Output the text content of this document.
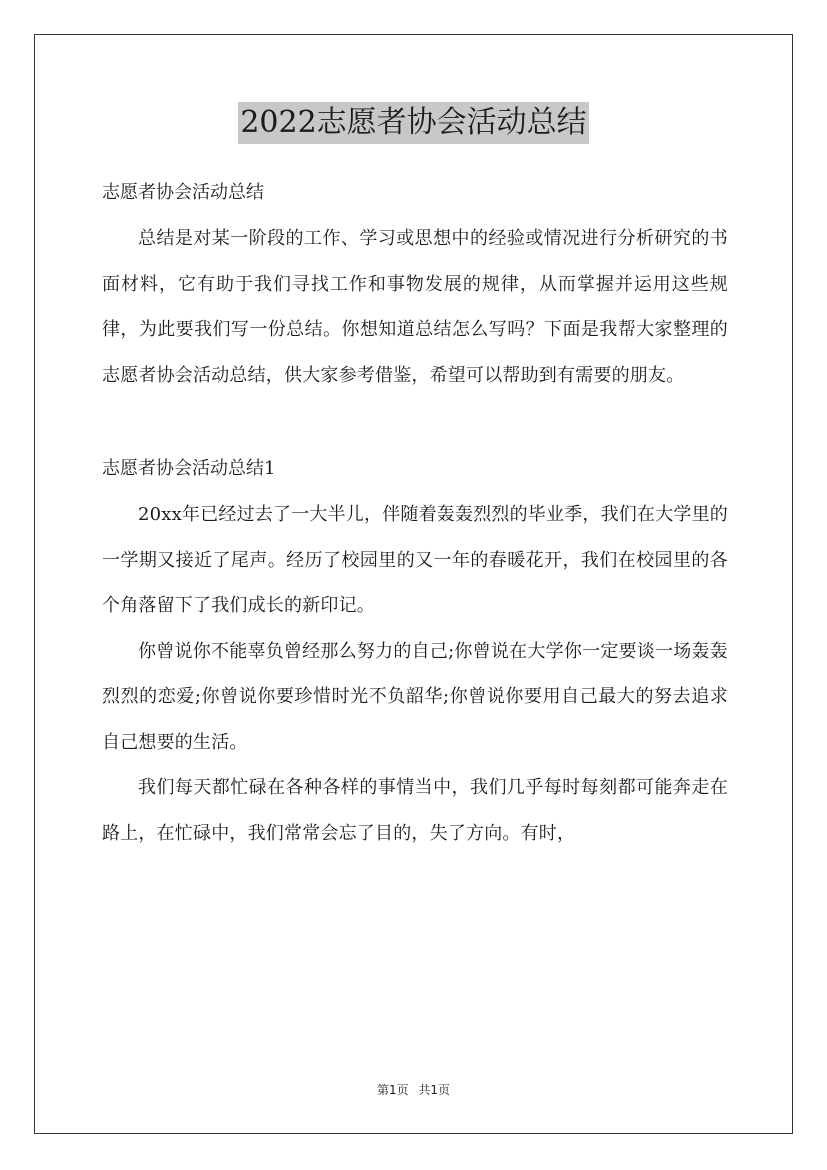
2022志愿者协会活动总结

志愿者协会活动总结

总结是对某一阶段的工作、学习或思想中的经验或情况进行分析研究的书面材料，它有助于我们寻找工作和事物发展的规律，从而掌握并运用这些规律，为此要我们写一份总结。你想知道总结怎么写吗？下面是我帮大家整理的志愿者协会活动总结，供大家参考借鉴，希望可以帮助到有需要的朋友。

志愿者协会活动总结1

20xx年已经过去了一大半儿，伴随着轰轰烈烈的毕业季，我们在大学里的一学期又接近了尾声。经历了校园里的又一年的春暖花开，我们在校园里的各个角落留下了我们成长的新印记。

你曾说你不能辜负曾经那么努力的自己;你曾说在大学你一定要谈一场轰轰烈烈的恋爱;你曾说你要珍惜时光不负韶华;你曾说你要用自己最大的努去追求自己想要的生活。

我们每天都忙碌在各种各样的事情当中，我们几乎每时每刻都可能奔走在路上，在忙碌中，我们常常会忘了目的，失了方向。有时，

第1页 共1页
